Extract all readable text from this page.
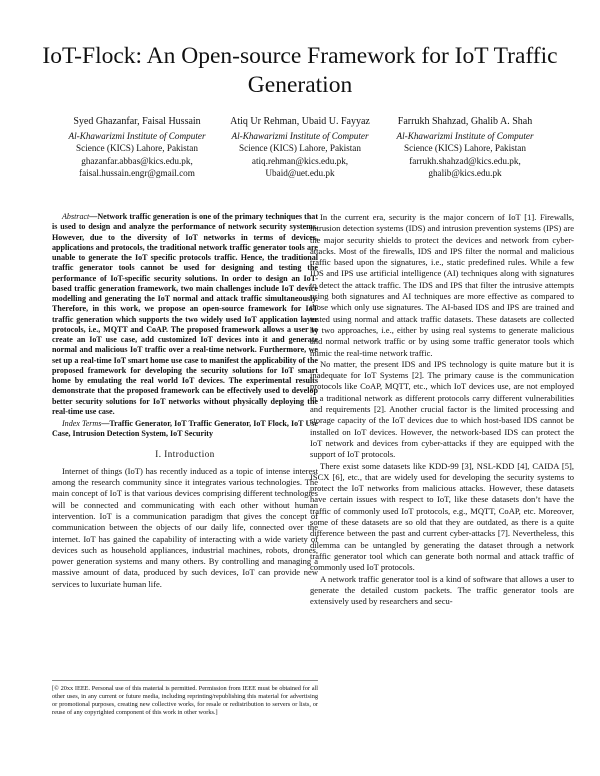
IoT-Flock: An Open-source Framework for IoT Traffic Generation
Syed Ghazanfar, Faisal Hussain
Al-Khawarizmi Institute of Computer
Science (KICS) Lahore, Pakistan
ghazanfar.abbas@kics.edu.pk,
faisal.hussain.engr@gmail.com
Atiq Ur Rehman, Ubaid U. Fayyaz
Al-Khawarizmi Institute of Computer
Science (KICS) Lahore, Pakistan
atiq.rehman@kics.edu.pk,
Ubaid@uet.edu.pk
Farrukh Shahzad, Ghalib A. Shah
Al-Khawarizmi Institute of Computer
Science (KICS) Lahore, Pakistan
farrukh.shahzad@kics.edu.pk,
ghalib@kics.edu.pk

Abstract—Network traffic generation is one of the primary techniques that is used to design and analyze the performance of network security systems. However, due to the diversity of IoT networks in terms of devices, applications and protocols, the traditional network traffic generator tools are unable to generate the IoT specific protocols traffic. Hence, the traditional traffic generator tools cannot be used for designing and testing the performance of IoT-specific security solutions. In order to design an IoT-based traffic generation framework, two main challenges include IoT device modelling and generating the IoT normal and attack traffic simultaneously. Therefore, in this work, we propose an open-source framework for IoT traffic generation which supports the two widely used IoT application layer protocols, i.e., MQTT and CoAP. The proposed framework allows a user to create an IoT use case, add customized IoT devices into it and generate normal and malicious IoT traffic over a real-time network. Furthermore, we set up a real-time IoT smart home use case to manifest the applicability of the proposed framework for developing the security solutions for IoT smart home by emulating the real world IoT devices. The experimental results demonstrate that the proposed framework can be effectively used to develop better security solutions for IoT networks without physically deploying the real-time use case.

Index Terms—Traffic Generator, IoT Traffic Generator, IoT Flock, IoT Use Case, Intrusion Detection System, IoT Security

I. Introduction

Internet of things (IoT) has recently induced as a topic of intense interest among the research community since it integrates various technologies. The main concept of IoT is that various devices comprising different technologies will be connected and communicating with each other without human intervention. IoT is a communication paradigm that gives the concept of communication between the objects of our daily life, connected over the internet. IoT has gained the capability of interacting with a wide variety of devices such as household appliances, industrial machines, robots, drones, power generation systems and many others. By controlling and managing a massive amount of data, produced by such devices, IoT can provide new services to luxuriate human life.

In the current era, security is the major concern of IoT [1]. Firewalls, intrusion detection systems (IDS) and intrusion prevention systems (IPS) are the major security shields to protect the devices and network from cyber-attacks. Most of the firewalls, IDS and IPS filter the normal and malicious traffic based upon the signatures, i.e., static predefined rules. While a few IDS and IPS use artificial intelligence (AI) techniques along with signatures to detect the attack traffic. The IDS and IPS that filter the intrusive attempts using both signatures and AI techniques are more effective as compared to those which only use signatures. The AI-based IDS and IPS are trained and tested using normal and attack traffic datasets. These datasets are collected by two approaches, i.e., either by using real systems to generate malicious and normal network traffic or by using some traffic generator tools which mimic the real-time network traffic.

No matter, the present IDS and IPS technology is quite mature but it is inadequate for IoT Systems [2]. The primary cause is the communication protocols like CoAP, MQTT, etc., which IoT devices use, are not employed in a traditional network as different protocols carry different vulnerabilities and requirements [2]. Another crucial factor is the limited processing and storage capacity of the IoT devices due to which host-based IDS cannot be installed on IoT devices. However, the network-based IDS can protect the IoT network and devices from cyber-attacks if they are equipped with the support of IoT protocols.

There exist some datasets like KDD-99 [3], NSL-KDD [4], CAIDA [5], ISCX [6], etc., that are widely used for developing the security systems to protect the IoT networks from malicious attacks. However, these datasets have certain issues with respect to IoT, like these datasets don’t have the traffic of commonly used IoT protocols, e.g., MQTT, CoAP, etc. Moreover, some of these datasets are so old that they are outdated, as there is a quite difference between the past and current cyber-attacks [7]. Nevertheless, this dilemma can be untangled by generating the dataset through a network traffic generator tool which can generate both normal and attack traffic of commonly used IoT protocols.

A network traffic generator tool is a kind of software that allows a user to generate the detailed custom packets. The traffic generator tools are extensively used by researchers and secu-

[© 20xx IEEE. Personal use of this material is permitted. Permission from IEEE must be obtained for all other uses, in any current or future media, including reprinting/republishing this material for advertising or promotional purposes, creating new collective works, for resale or redistribution to servers or lists, or reuse of any copyrighted component of this work in other works.]
